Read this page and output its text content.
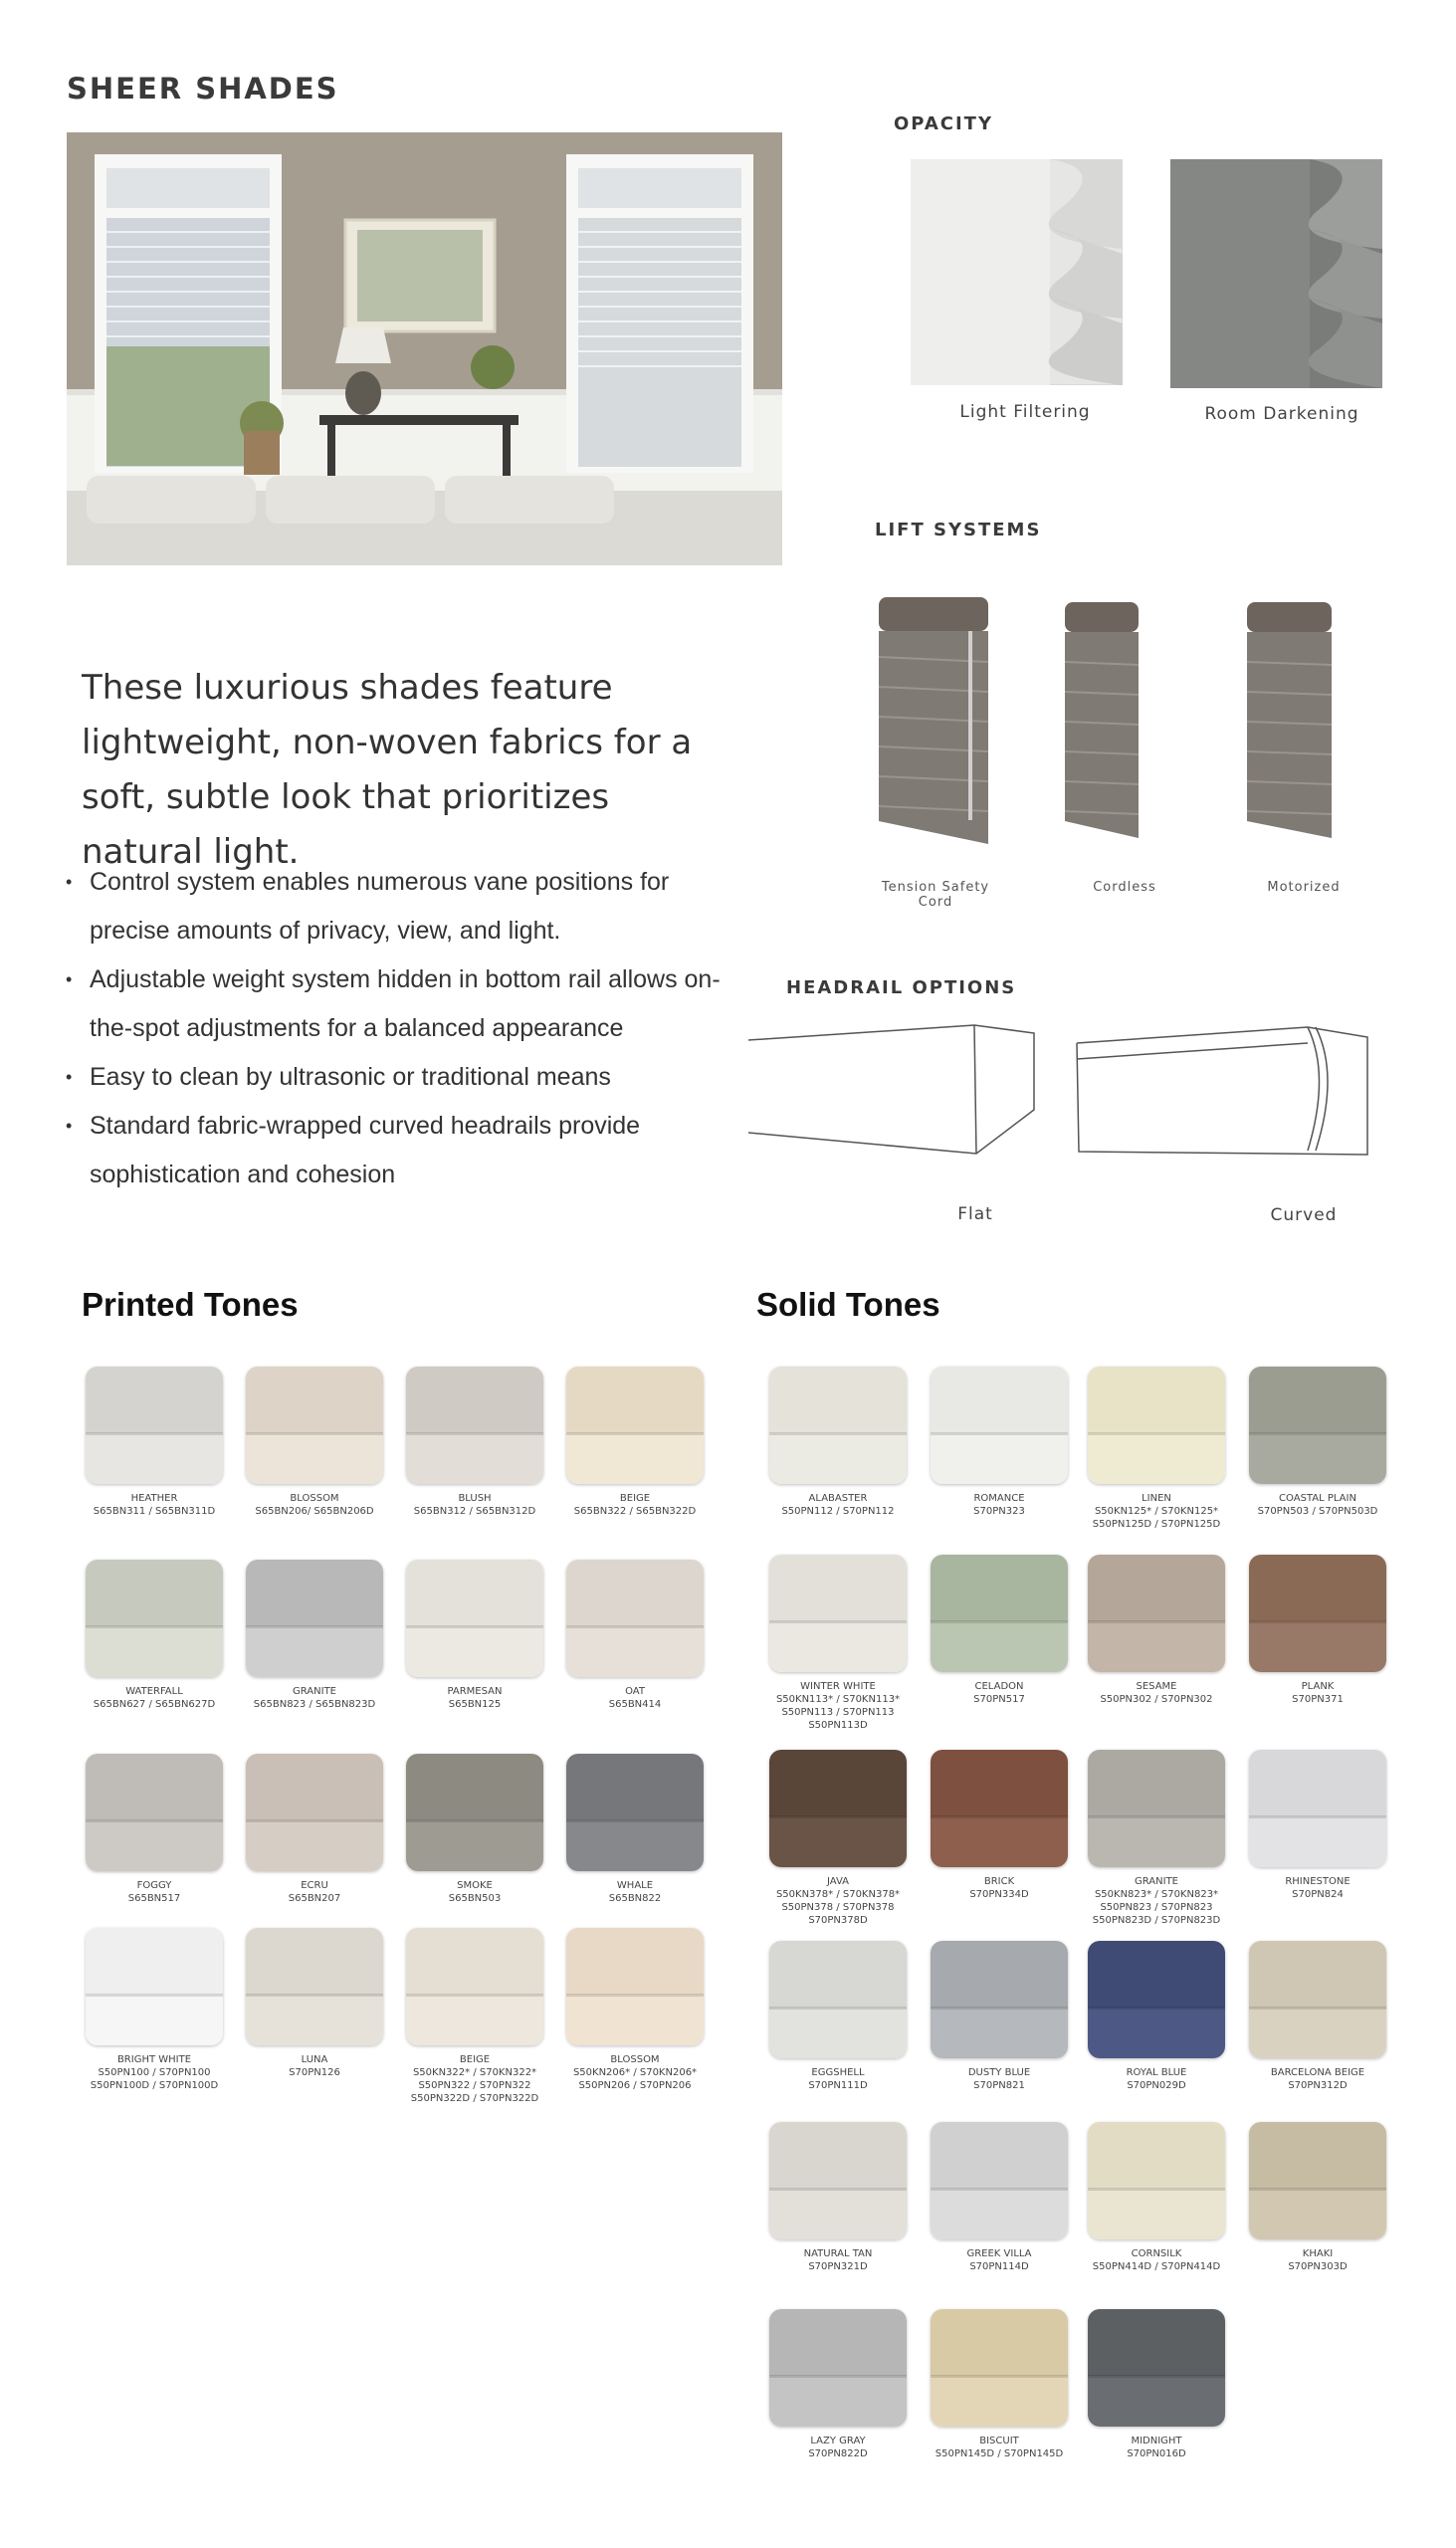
SHEER SHADES
OPACITY
Light Filtering	Room Darkening
LIFT SYSTEMS
Tension Safety Cord
Cordless	Motorized
HEADRAIL OPTIONS
Flat	Curved
These luxurious shades feature lightweight, non-woven fabrics for a soft, subtle look that prioritizes natural light.
• Control system enables numerous vane positions for precise amounts of privacy, view, and light.
• Adjustable weight system hidden in bottom rail allows on-the-spot adjustments for a balanced appearance
• Easy to clean by ultrasonic or traditional means
• Standard fabric-wrapped curved headrails provide sophistication and cohesion
Printed Tones	Solid Tones
HEATHER
S65BN311 / S65BN311D
BLOSSOM
S65BN206/ S65BN206D
BLUSH
S65BN312 / S65BN312D
BEIGE
S65BN322 / S65BN322D
WATERFALL
S65BN627 / S65BN627D
GRANITE
S65BN823 / S65BN823D
PARMESAN
S65BN125
OAT
S65BN414
FOGGY
S65BN517
ECRU
S65BN207
SMOKE
S65BN503
WHALE
S65BN822
BRIGHT WHITE
S50PN100 / S70PN100
S50PN100D / S70PN100D
LUNA
S70PN126
BEIGE
S50KN322* / S70KN322*
S50PN322 / S70PN322
S50PN322D / S70PN322D
BLOSSOM
S50KN206* / S70KN206*
S50PN206 / S70PN206
ALABASTER
S50PN112 / S70PN112
ROMANCE
S70PN323
LINEN
S50KN125* / S70KN125*
S50PN125D / S70PN125D
COASTAL PLAIN
S70PN503 / S70PN503D
WINTER WHITE
S50KN113* / S70KN113*
S50PN113 / S70PN113
S50PN113D
CELADON
S70PN517
SESAME
S50PN302 / S70PN302
PLANK
S70PN371
JAVA
S50KN378* / S70KN378*
S50PN378 / S70PN378
S70PN378D
BRICK
S70PN334D
GRANITE
S50KN823* / S70KN823*
S50PN823 / S70PN823
S50PN823D / S70PN823D
RHINESTONE
S70PN824
EGGSHELL
S70PN111D
DUSTY BLUE
S70PN821
ROYAL BLUE
S70PN029D
BARCELONA BEIGE
S70PN312D
NATURAL TAN
S70PN321D
GREEK VILLA
S70PN114D
CORNSILK
S50PN414D / S70PN414D
KHAKI
S70PN303D
LAZY GRAY
S70PN822D
BISCUIT
S50PN145D / S70PN145D
MIDNIGHT
S70PN016D
